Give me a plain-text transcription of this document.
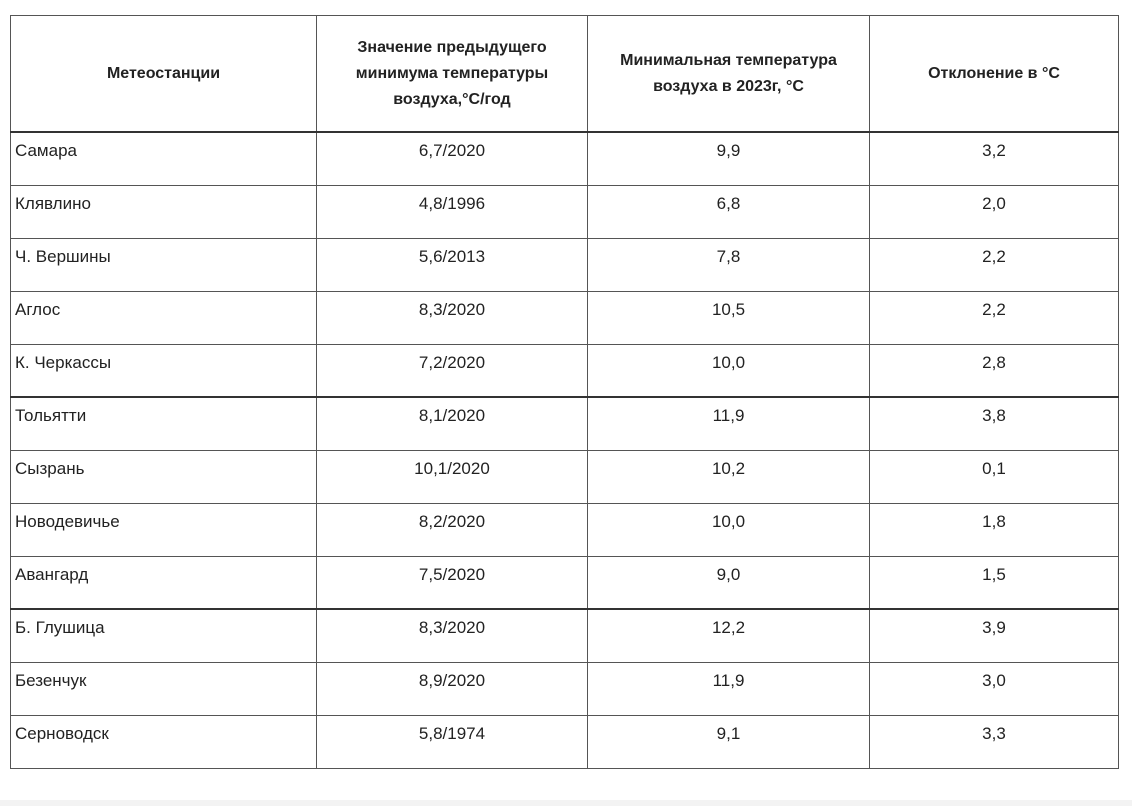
Метеостанции	Значение предыдущего минимума температуры воздуха,°С/год	Минимальная температура воздуха в 2023г, °С	Отклонение в °С

Самара	6,7/2020	9,9	3,2
Клявлино	4,8/1996	6,8	2,0
Ч. Вершины	5,6/2013	7,8	2,2
Аглос	8,3/2020	10,5	2,2
К. Черкассы	7,2/2020	10,0	2,8
Тольятти	8,1/2020	11,9	3,8
Сызрань	10,1/2020	10,2	0,1
Новодевичье	8,2/2020	10,0	1,8
Авангард	7,5/2020	9,0	1,5
Б. Глушица	8,3/2020	12,2	3,9
Безенчук	8,9/2020	11,9	3,0
Серноводск	5,8/1974	9,1	3,3
